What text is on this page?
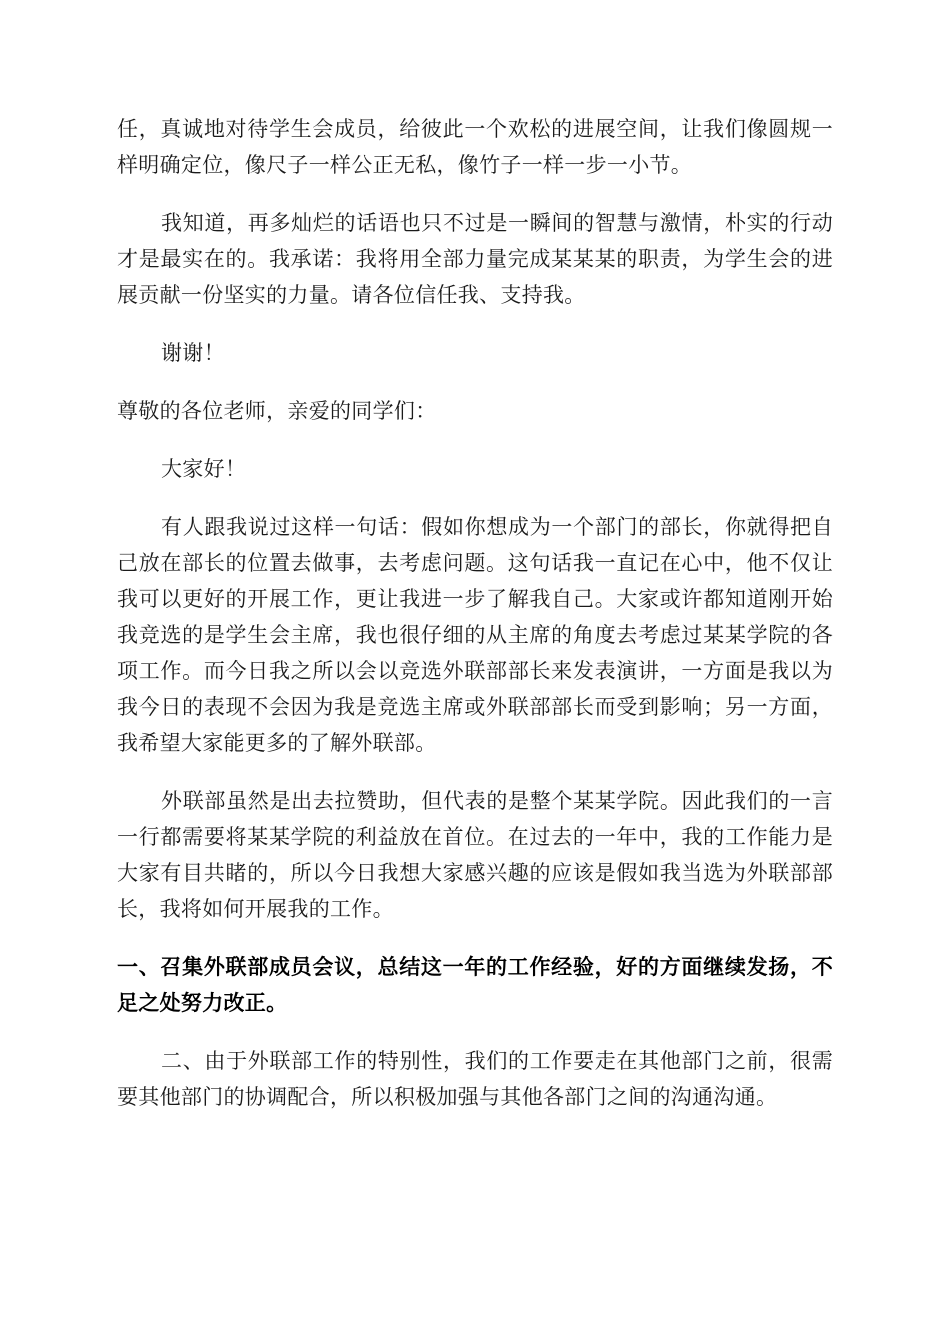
任，真诚地对待学生会成员，给彼此一个欢松的进展空间，让我们像圆规一样明确定位，像尺子一样公正无私，像竹子一样一步一小节。

我知道，再多灿烂的话语也只不过是一瞬间的智慧与激情，朴实的行动才是最实在的。我承诺：我将用全部力量完成某某某的职责，为学生会的进展贡献一份坚实的力量。请各位信任我、支持我。

谢谢！

尊敬的各位老师，亲爱的同学们：

大家好！

有人跟我说过这样一句话：假如你想成为一个部门的部长，你就得把自己放在部长的位置去做事，去考虑问题。这句话我一直记在心中，他不仅让我可以更好的开展工作，更让我进一步了解我自己。大家或许都知道刚开始我竞选的是学生会主席，我也很仔细的从主席的角度去考虑过某某学院的各项工作。而今日我之所以会以竞选外联部部长来发表演讲，一方面是我以为我今日的表现不会因为我是竞选主席或外联部部长而受到影响；另一方面，我希望大家能更多的了解外联部。

外联部虽然是出去拉赞助，但代表的是整个某某学院。因此我们的一言一行都需要将某某学院的利益放在首位。在过去的一年中，我的工作能力是大家有目共睹的，所以今日我想大家感兴趣的应该是假如我当选为外联部部长，我将如何开展我的工作。

一、召集外联部成员会议，总结这一年的工作经验，好的方面继续发扬，不足之处努力改正。

二、由于外联部工作的特别性，我们的工作要走在其他部门之前，很需要其他部门的协调配合，所以积极加强与其他各部门之间的沟通沟通。
